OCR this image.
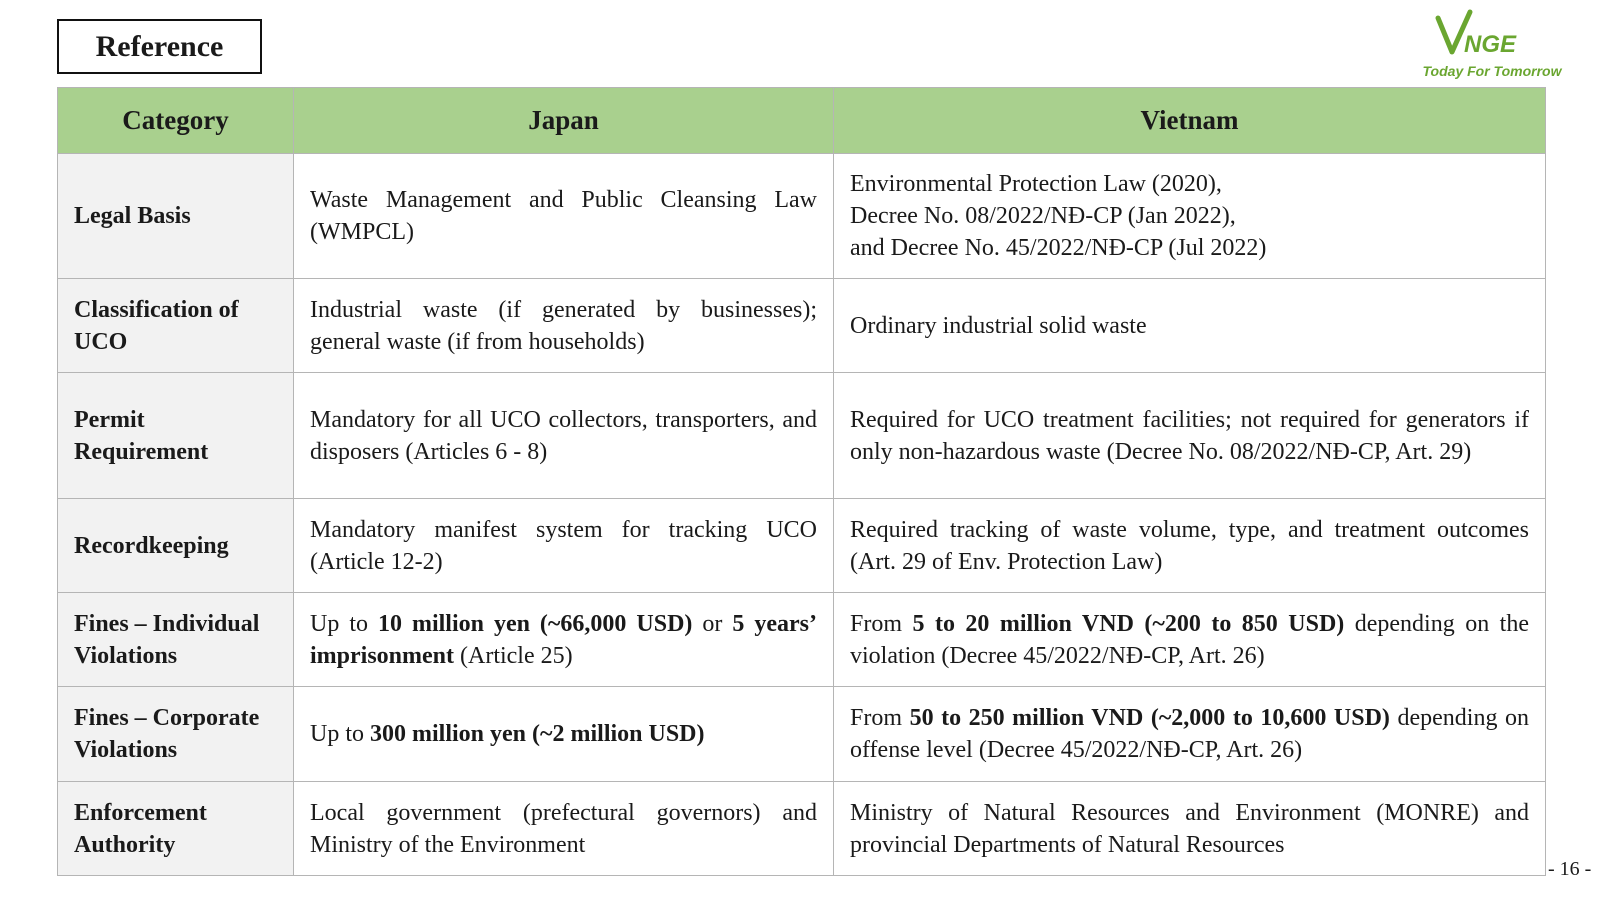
Reference	NGE
Today For Tomorrow
Category	Japan	Vietnam
Legal Basis	Waste Management and Public Cleansing Law (WMPCL)	Environmental Protection Law (2020),
Decree No. 08/2022/NĐ-CP (Jan 2022),
and Decree No. 45/2022/NĐ-CP (Jul 2022)
Classification of UCO	Industrial waste (if generated by businesses); general waste (if from households)	Ordinary industrial solid waste
Permit Requirement	Mandatory for all UCO collectors, transporters, and disposers (Articles 6 - 8)	Required for UCO treatment facilities; not required for generators if only non-hazardous waste (Decree No. 08/2022/NĐ-CP, Art. 29)
Recordkeeping	Mandatory manifest system for tracking UCO (Article 12-2)	Required tracking of waste volume, type, and treatment outcomes (Art. 29 of Env. Protection Law)
Fines – Individual Violations	Up to 10 million yen (~66,000 USD) or 5 years’ imprisonment (Article 25)	From 5 to 20 million VND (~200 to 850 USD) depending on the violation (Decree 45/2022/NĐ-CP, Art. 26)
Fines – Corporate Violations	Up to 300 million yen (~2 million USD)	From 50 to 250 million VND (~2,000 to 10,600 USD) depending on offense level (Decree 45/2022/NĐ-CP, Art. 26)
Enforcement Authority	Local government (prefectural governors) and Ministry of the Environment	Ministry of Natural Resources and Environment (MONRE) and provincial Departments of Natural Resources
- 16 -
